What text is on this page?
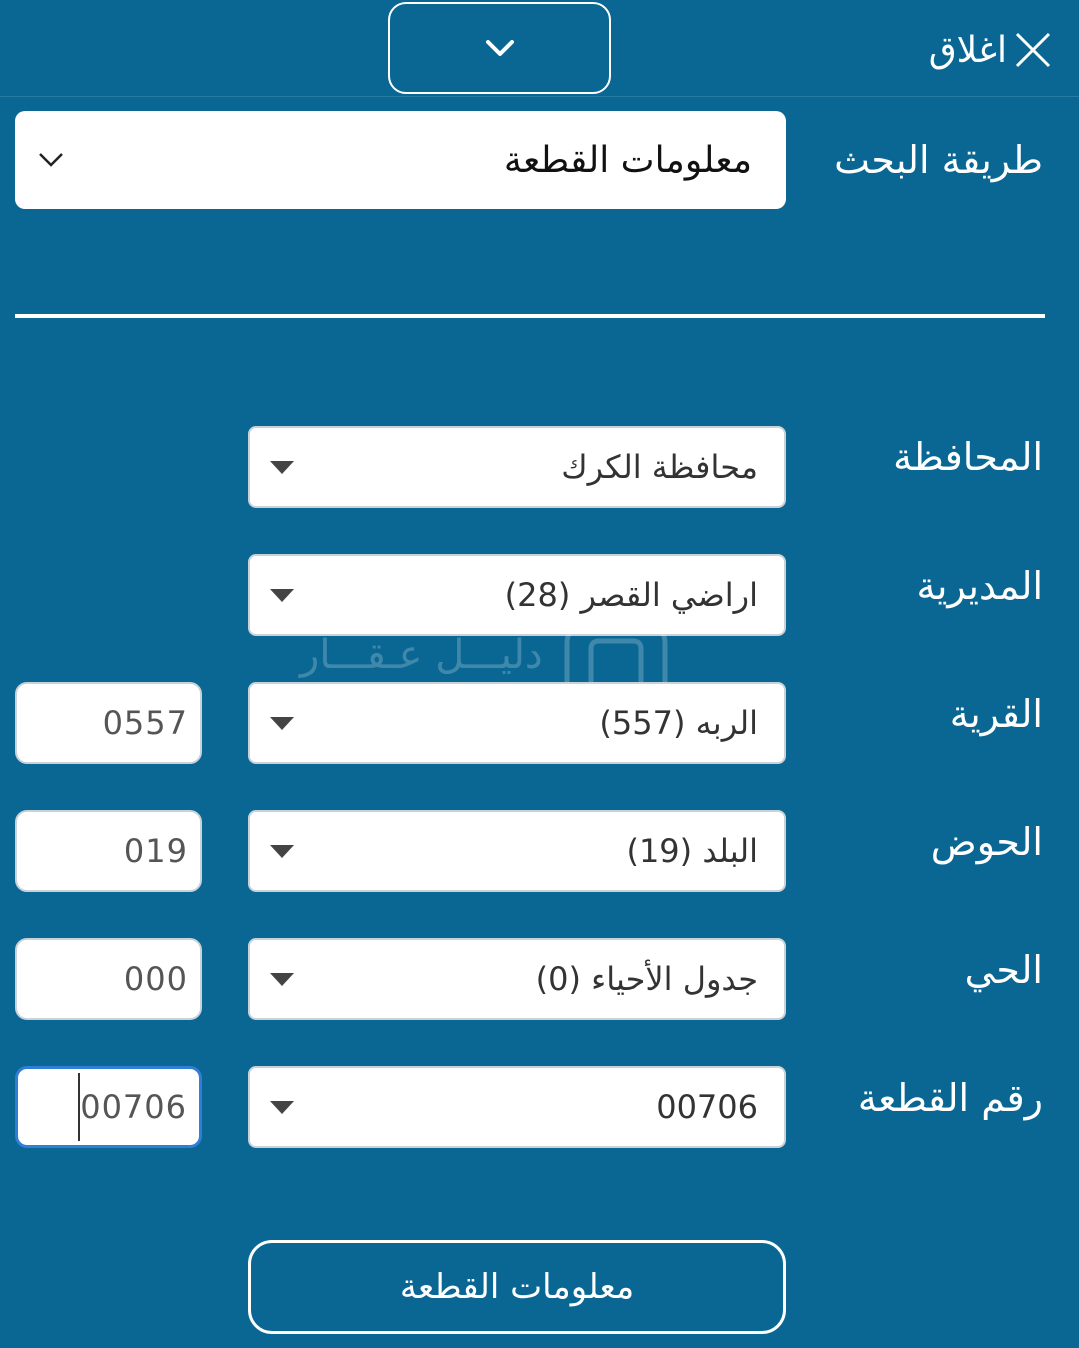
اغلاق
طريقة البحث
معلومات القطعة
المحافظة
محافظة الكرك
المديرية
اراضي القصر (28)
دليـــل عـقـــار
القرية
الربه (557)
0557
الحوض
البلد (19)
019
الحي
جدول الأحياء (0)
000
رقم القطعة
00706
00706
معلومات القطعة
